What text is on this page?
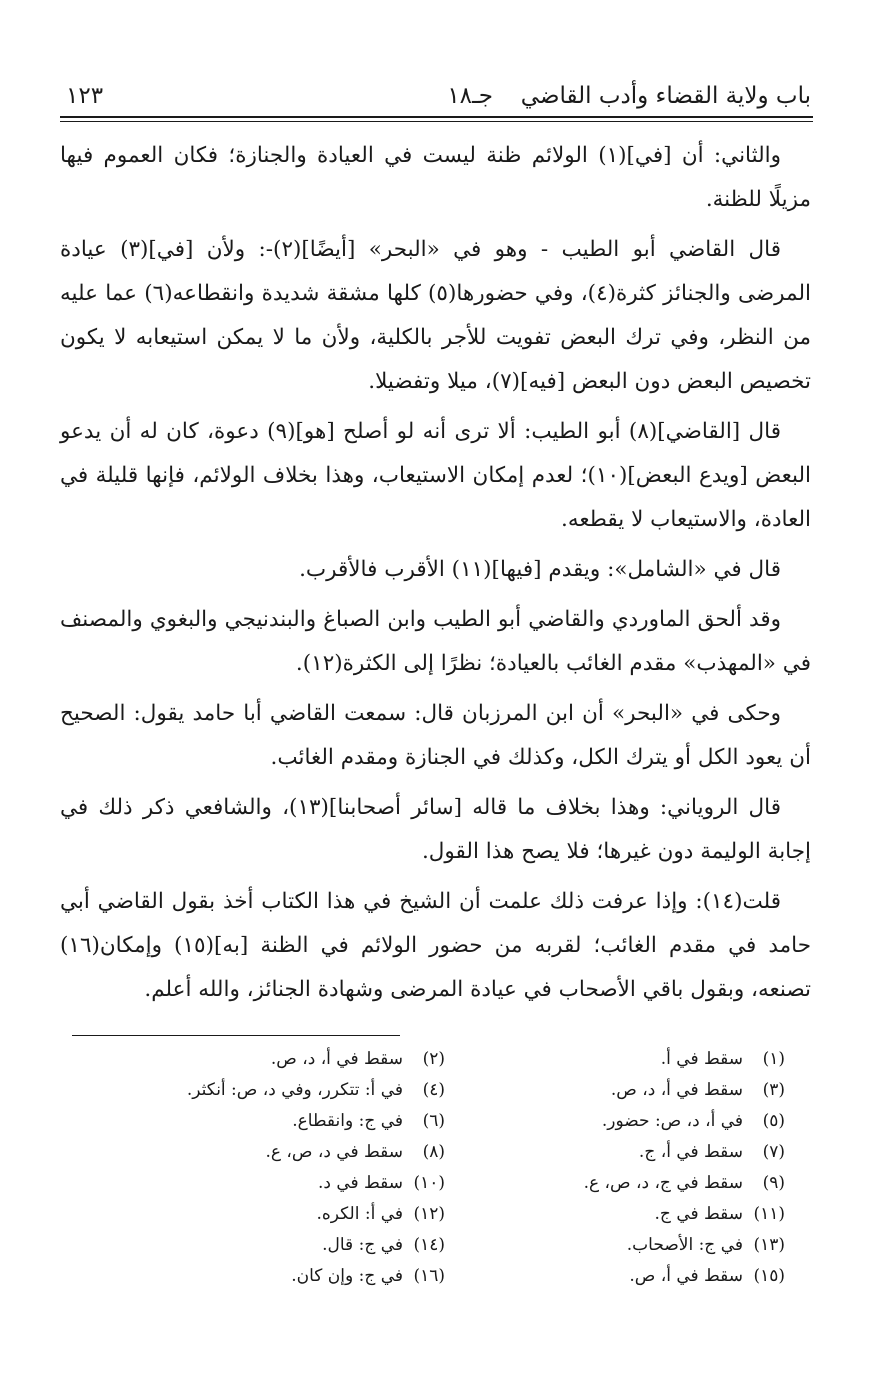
باب ولاية القضاء وأدب القاضي
جـ١٨
١٢٣

والثاني: أن [في](١) الولائم ظنة ليست في العيادة والجنازة؛ فكان العموم فيها مزيلًا للظنة.

قال القاضي أبو الطيب - وهو في «البحر» [أيضًا](٢)-: ولأن [في](٣) عيادة المرضى والجنائز كثرة(٤)، وفي حضورها(٥) كلها مشقة شديدة وانقطاعه(٦) عما عليه من النظر، وفي ترك البعض تفويت للأجر بالكلية، ولأن ما لا يمكن استيعابه لا يكون تخصيص البعض دون البعض [فيه](٧)، ميلا وتفضيلا.

قال [القاضي](٨) أبو الطيب: ألا ترى أنه لو أصلح [هو](٩) دعوة، كان له أن يدعو البعض [ويدع البعض](١٠)؛ لعدم إمكان الاستيعاب، وهذا بخلاف الولائم، فإنها قليلة في العادة، والاستيعاب لا يقطعه.

قال في «الشامل»: ويقدم [فيها](١١) الأقرب فالأقرب.

وقد ألحق الماوردي والقاضي أبو الطيب وابن الصباغ والبندنيجي والبغوي والمصنف في «المهذب» مقدم الغائب بالعيادة؛ نظرًا إلى الكثرة(١٢).

وحكى في «البحر» أن ابن المرزبان قال: سمعت القاضي أبا حامد يقول: الصحيح أن يعود الكل أو يترك الكل، وكذلك في الجنازة ومقدم الغائب.

قال الروياني: وهذا بخلاف ما قاله [سائر أصحابنا](١٣)، والشافعي ذكر ذلك في إجابة الوليمة دون غيرها؛ فلا يصح هذا القول.

قلت(١٤): وإذا عرفت ذلك علمت أن الشيخ في هذا الكتاب أخذ بقول القاضي أبي حامد في مقدم الغائب؛ لقربه من حضور الولائم في الظنة [به](١٥) وإمكان(١٦) تصنعه، وبقول باقي الأصحاب في عيادة المرضى وشهادة الجنائز، والله أعلم.

(١)سقط في أ.
(٣)سقط في أ، د، ص.
(٥)في أ، د، ص: حضور.
(٧)سقط في أ، ج.
(٩)سقط في ج، د، ص، ع.
(١١)سقط في ج.
(١٣)في ج: الأصحاب.
(١٥)سقط في أ، ص.
(٢)سقط في أ، د، ص.
(٤)في أ: تتكرر، وفي د، ص: أنكثر.
(٦)في ج: وانقطاع.
(٨)سقط في د، ص، ع.
(١٠)سقط في د.
(١٢)في أ: الكره.
(١٤)في ج: قال.
(١٦)في ج: وإن كان.
